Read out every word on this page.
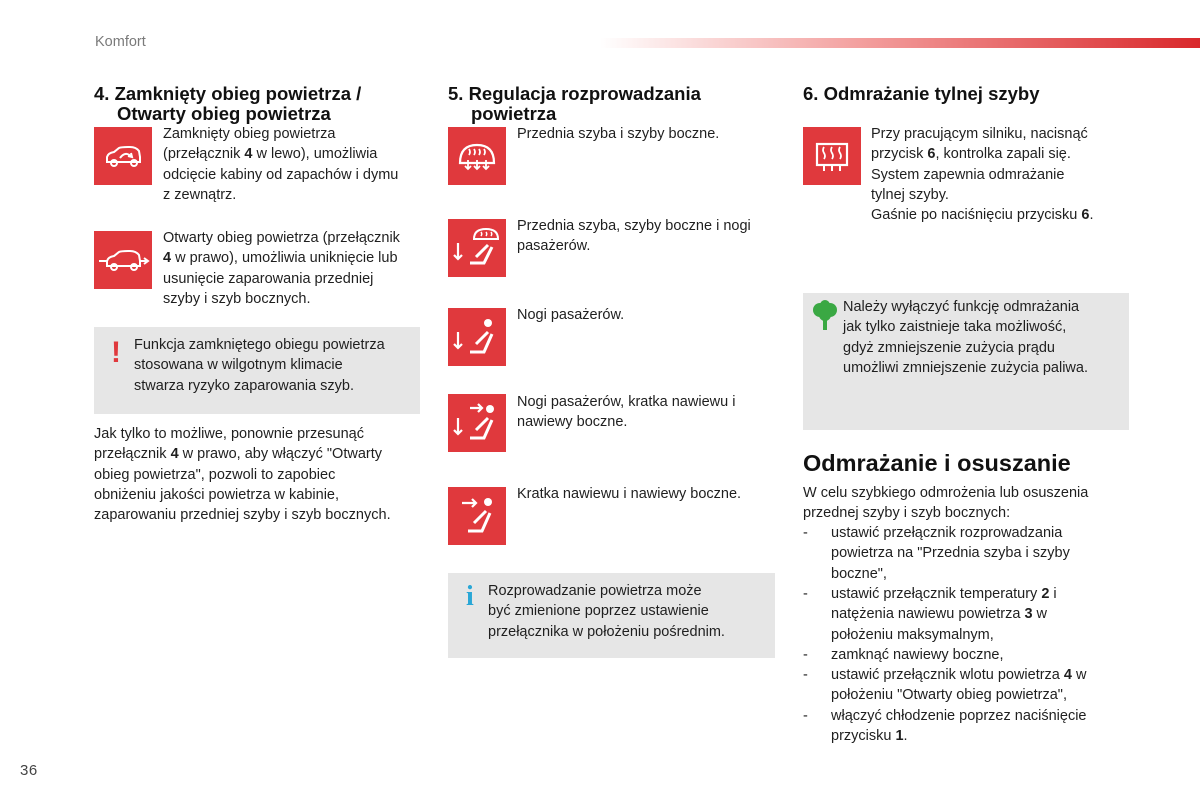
Komfort
4. Zamknięty obieg powietrza /
Otwarty obieg powietrza
Zamknięty obieg powietrza
(przełącznik 4 w lewo), umożliwia
odcięcie kabiny od zapachów i dymu
z zewnątrz.
Otwarty obieg powietrza (przełącznik
4 w prawo), umożliwia uniknięcie lub
usunięcie zaparowania przedniej
szyby i szyb bocznych.
! Funkcja zamkniętego obiegu powietrza
stosowana w wilgotnym klimacie
stwarza ryzyko zaparowania szyb.
Jak tylko to możliwe, ponownie przesunąć
przełącznik 4 w prawo, aby włączyć "Otwarty
obieg powietrza", pozwoli to zapobiec
obniżeniu jakości powietrza w kabinie,
zaparowaniu przedniej szyby i szyb bocznych.
5. Regulacja rozprowadzania
powietrza
Przednia szyba i szyby boczne.
Przednia szyba, szyby boczne i nogi
pasażerów.
Nogi pasażerów.
Nogi pasażerów, kratka nawiewu i
nawiewy boczne.
Kratka nawiewu i nawiewy boczne.
i Rozprowadzanie powietrza może
być zmienione poprzez ustawienie
przełącznika w położeniu pośrednim.
6. Odmrażanie tylnej szyby
Przy pracującym silniku, nacisnąć
przycisk 6, kontrolka zapali się.
System zapewnia odmrażanie
tylnej szyby.
Gaśnie po naciśnięciu przycisku 6.
Należy wyłączyć funkcję odmrażania
jak tylko zaistnieje taka możliwość,
gdyż zmniejszenie zużycia prądu
umożliwi zmniejszenie zużycia paliwa.
Odmrażanie i osuszanie
W celu szybkiego odmrożenia lub osuszenia
przednej szyby i szyb bocznych:
- ustawić przełącznik rozprowadzania
powietrza na "Przednia szyba i szyby
boczne",
- ustawić przełącznik temperatury 2 i
natężenia nawiewu powietrza 3 w
położeniu maksymalnym,
- zamknąć nawiewy boczne,
- ustawić przełącznik wlotu powietrza 4 w
położeniu "Otwarty obieg powietrza",
- włączyć chłodzenie poprzez naciśnięcie
przycisku 1.
36
